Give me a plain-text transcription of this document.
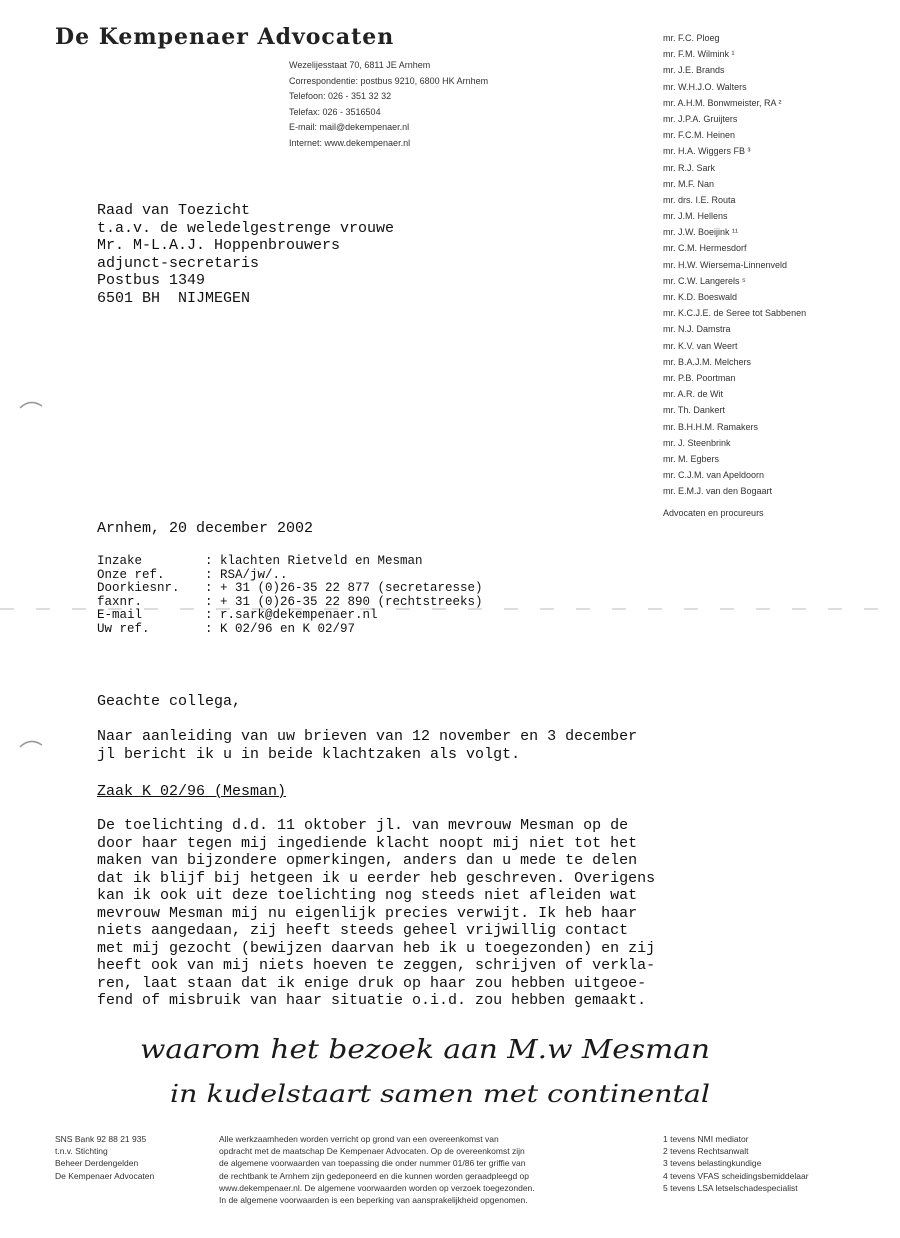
De Kempenaer Advocaten
Wezelijesstaat 70, 6811 JE Arnhem
Correspondentie: postbus 9210, 6800 HK Arnhem
Telefoon: 026 - 351 32 32
Telefax: 026 - 3516504
E-mail: mail@dekempenaer.nl
Internet: www.dekempenaer.nl
mr. F.C. Ploeg
mr. F.M. Wilmink ¹
mr. J.E. Brands
mr. W.H.J.O. Walters
mr. A.H.M. Bonwmeister, RA ²
mr. J.P.A. Gruijters
mr. F.C.M. Heinen
mr. H.A. Wiggers FB ³
mr. R.J. Sark
mr. M.F. Nan
mr. drs. I.E. Routa
mr. J.M. Hellens
mr. J.W. Boeijink ¹¹
mr. C.M. Hermesdorf
mr. H.W. Wiersema-Linnenveld
mr. C.W. Langerels ⁵
mr. K.D. Boeswald
mr. K.C.J.E. de Seree tot Sabbenen
mr. N.J. Damstra
mr. K.V. van Weert
mr. B.A.J.M. Melchers
mr. P.B. Poortman
mr. A.R. de Wit
mr. Th. Dankert
mr. B.H.H.M. Ramakers
mr. J. Steenbrink
mr. M. Egbers
mr. C.J.M. van Apeldoorn
mr. E.M.J. van den Bogaart
Advocaten en procureurs
Raad van Toezicht
t.a.v. de weledelgestrenge vrouwe
Mr. M-L.A.J. Hoppenbrouwers
adjunct-secretaris
Postbus 1349
6501 BH  NIJMEGEN
Arnhem, 20 december 2002
Inzake	: klachten Rietveld en Mesman
Onze ref.	: RSA/jw/..
Doorkiesnr.	: + 31 (0)26-35 22 877 (secretaresse)
faxnr.	: + 31 (0)26-35 22 890 (rechtstreeks)
E-mail	: r.sark@dekempenaer.nl
Uw ref.	: K 02/96 en K 02/97
Geachte collega,
Naar aanleiding van uw brieven van 12 november en 3 december
jl bericht ik u in beide klachtzaken als volgt.
Zaak K 02/96 (Mesman)
De toelichting d.d. 11 oktober jl. van mevrouw Mesman op de
door haar tegen mij ingediende klacht noopt mij niet tot het
maken van bijzondere opmerkingen, anders dan u mede te delen
dat ik blijf bij hetgeen ik u eerder heb geschreven. Overigens
kan ik ook uit deze toelichting nog steeds niet afleiden wat
mevrouw Mesman mij nu eigenlijk precies verwijt. Ik heb haar
niets aangedaan, zij heeft steeds geheel vrijwillig contact
met mij gezocht (bewijzen daarvan heb ik u toegezonden) en zij
heeft ook van mij niets hoeven te zeggen, schrijven of verkla-
ren, laat staan dat ik enige druk op haar zou hebben uitgeoe-
fend of misbruik van haar situatie o.i.d. zou hebben gemaakt.
waarom het bezoek aan M.w Mesman
in kudelstaart samen met continental
SNS Bank 92 88 21 935
t.n.v. Stichting
Beheer Derdengelden
De Kempenaer Advocaten
Alle werkzaamheden worden verricht op grond van een overeenkomst van
opdracht met de maatschap De Kempenaer Advocaten. Op de overeenkomst zijn
de algemene voorwaarden van toepassing die onder nummer 01/86 ter griffie van
de rechtbank te Arnhem zijn gedeponeerd en die kunnen worden geraadpleegd op
www.dekempenaer.nl. De algemene voorwaarden worden op verzoek toegezonden.
In de algemene voorwaarden is een beperking van aansprakelijkheid opgenomen.
1 tevens NMI mediator
2 tevens Rechtsanwalt
3 tevens belastingkundige
4 tevens VFAS scheidingsbemiddelaar
5 tevens LSA letselschadespecialist
